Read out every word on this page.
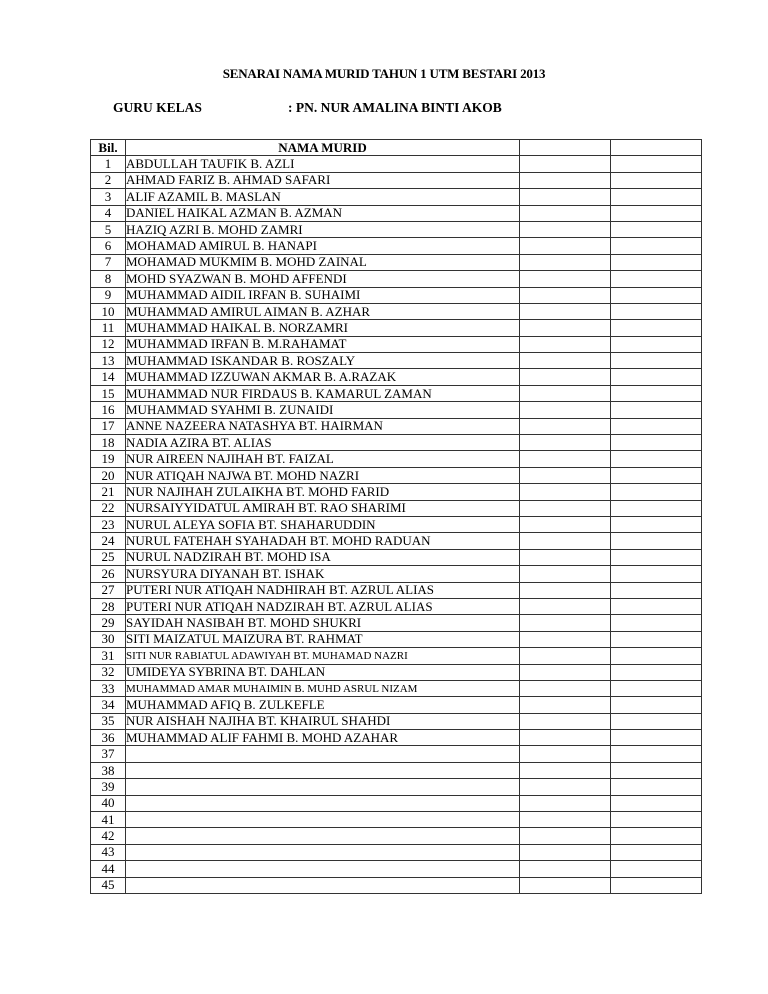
SENARAI NAMA MURID TAHUN 1 UTM BESTARI 2013
GURU KELAS	: PN. NUR AMALINA BINTI AKOB
Bil.	NAMA MURID		
1	ABDULLAH TAUFIK B. AZLI		
2	AHMAD FARIZ B. AHMAD SAFARI		
3	ALIF AZAMIL B. MASLAN		
4	DANIEL HAIKAL AZMAN B. AZMAN		
5	HAZIQ AZRI B. MOHD ZAMRI		
6	MOHAMAD AMIRUL B. HANAPI		
7	MOHAMAD MUKMIM B. MOHD ZAINAL		
8	MOHD SYAZWAN B. MOHD AFFENDI		
9	MUHAMMAD AIDIL IRFAN B. SUHAIMI		
10	MUHAMMAD AMIRUL AIMAN B. AZHAR		
11	MUHAMMAD HAIKAL B. NORZAMRI		
12	MUHAMMAD IRFAN B. M.RAHAMAT		
13	MUHAMMAD ISKANDAR B. ROSZALY		
14	MUHAMMAD IZZUWAN AKMAR B. A.RAZAK		
15	MUHAMMAD NUR FIRDAUS B. KAMARUL ZAMAN		
16	MUHAMMAD SYAHMI B. ZUNAIDI		
17	ANNE NAZEERA NATASHYA BT. HAIRMAN		
18	NADIA AZIRA BT. ALIAS		
19	NUR AIREEN NAJIHAH BT. FAIZAL		
20	NUR ATIQAH NAJWA BT. MOHD NAZRI		
21	NUR NAJIHAH ZULAIKHA BT. MOHD FARID		
22	NURSAIYYIDATUL AMIRAH BT. RAO SHARIMI		
23	NURUL ALEYA SOFIA BT. SHAHARUDDIN		
24	NURUL FATEHAH SYAHADAH BT. MOHD RADUAN		
25	NURUL NADZIRAH BT. MOHD ISA		
26	NURSYURA DIYANAH BT. ISHAK		
27	PUTERI NUR ATIQAH NADHIRAH BT. AZRUL ALIAS		
28	PUTERI NUR ATIQAH NADZIRAH BT. AZRUL ALIAS		
29	SAYIDAH NASIBAH BT. MOHD SHUKRI		
30	SITI MAIZATUL MAIZURA BT. RAHMAT		
31	SITI NUR RABIATUL ADAWIYAH BT. MUHAMAD NAZRI		
32	UMIDEYA SYBRINA BT. DAHLAN		
33	MUHAMMAD AMAR MUHAIMIN B. MUHD ASRUL NIZAM		
34	MUHAMMAD AFIQ B. ZULKEFLE		
35	NUR AISHAH NAJIHA BT. KHAIRUL SHAHDI		
36	MUHAMMAD ALIF FAHMI B. MOHD AZAHAR		
37			
38			
39			
40			
41			
42			
43			
44			
45			
